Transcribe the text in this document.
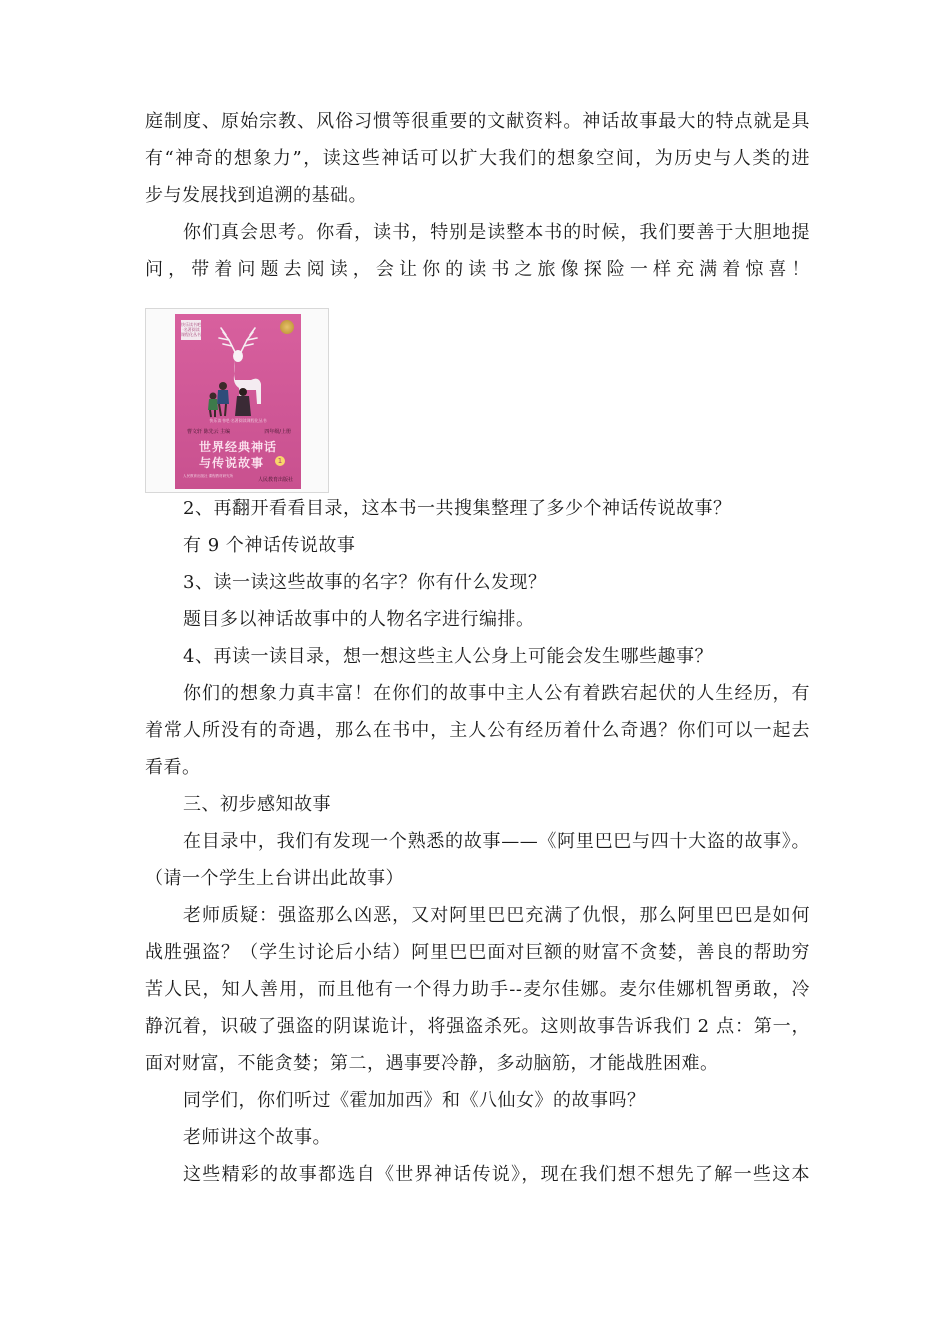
庭制度、原始宗教、风俗习惯等很重要的文献资料。神话故事最大的特点就是具
有“神奇的想象力”，读这些神话可以扩大我们的想象空间，为历史与人类的进
步与发展找到追溯的基础。
你们真会思考。你看，读书，特别是读整本书的时候，我们要善于大胆地提
问，带着问题去阅读，会让你的读书之旅像探险一样充满着惊喜！
2、再翻开看看目录，这本书一共搜集整理了多少个神话传说故事？
有 9 个神话传说故事
3、读一读这些故事的名字？你有什么发现？
题目多以神话故事中的人物名字进行编排。
4、再读一读目录，想一想这些主人公身上可能会发生哪些趣事？
你们的想象力真丰富！在你们的故事中主人公有着跌宕起伏的人生经历，有
着常人所没有的奇遇，那么在书中，主人公有经历着什么奇遇？你们可以一起去
看看。
三、初步感知故事
在目录中，我们有发现一个熟悉的故事——《阿里巴巴与四十大盗的故事》。
（请一个学生上台讲出此故事）
老师质疑：强盗那么凶恶，又对阿里巴巴充满了仇恨，那么阿里巴巴是如何
战胜强盗？（学生讨论后小结）阿里巴巴面对巨额的财富不贪婪，善良的帮助穷
苦人民，知人善用，而且他有一个得力助手--麦尔佳娜。麦尔佳娜机智勇敢，冷
静沉着，识破了强盗的阴谋诡计，将强盗杀死。这则故事告诉我们 2 点：第一，
面对财富，不能贪婪；第二，遇事要冷静，多动脑筋，才能战胜困难。
同学们，你们听过《霍加加西》和《八仙女》的故事吗？
老师讲这个故事。
这些精彩的故事都选自《世界神话传说》，现在我们想不想先了解一些这本
快乐读书吧·名著阅读课程化丛书
快乐读书吧·名著阅读课程化丛书
曹文轩 陈先云 主编	四年级/上册
世界经典神话
与传说故事	1
人民教育出版社 课程教材研究所
人民教育出版社
